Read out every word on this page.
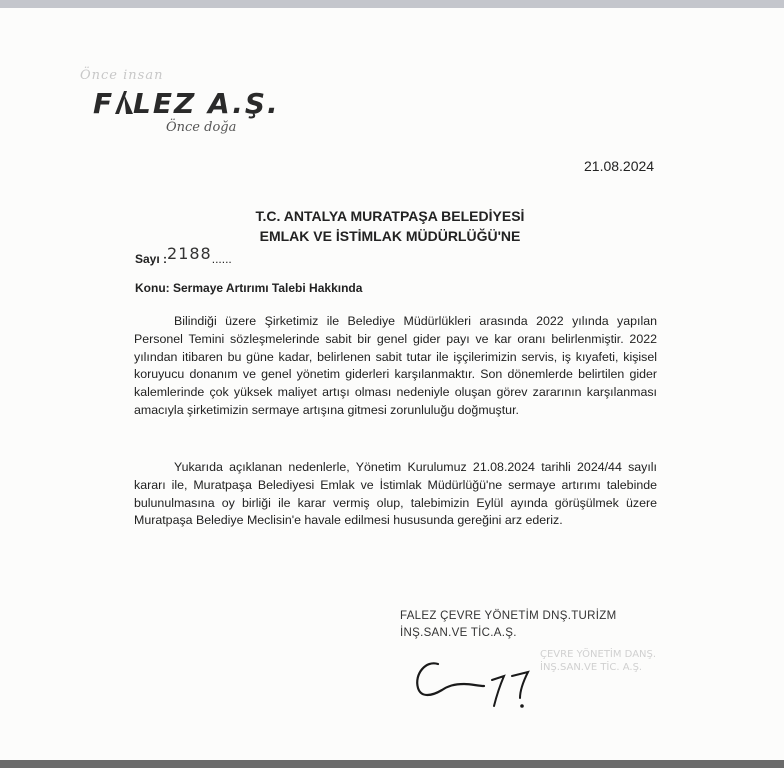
Önce insan
F LEZ A.Ş.
Önce doğa
21.08.2024
T.C. ANTALYA MURATPAŞA BELEDİYESİ
EMLAK VE İSTİMLAK MÜDÜRLÜĞÜ'NE
Sayı :2188......
Konu: Sermaye Artırımı Talebi Hakkında

Bilindiği üzere Şirketimiz ile Belediye Müdürlükleri arasında 2022 yılında yapılan Personel Temini sözleşmelerinde sabit bir genel gider payı ve kar oranı belirlenmiştir. 2022 yılından itibaren bu güne kadar, belirlenen sabit tutar ile işçilerimizin servis, iş kıyafeti, kişisel koruyucu donanım ve genel yönetim giderleri karşılanmaktır. Son dönemlerde belirtilen gider kalemlerinde çok yüksek maliyet artışı olması nedeniyle oluşan görev zararının karşılanması amacıyla şirketimizin sermaye artışına gitmesi zorunluluğu doğmuştur.

Yukarıda açıklanan nedenlerle, Yönetim Kurulumuz 21.08.2024 tarihli 2024/44 sayılı kararı ile, Muratpaşa Belediyesi Emlak ve İstimlak Müdürlüğü'ne sermaye artırımı talebinde bulunulmasına oy birliği ile karar vermiş olup, talebimizin Eylül ayında görüşülmek üzere Muratpaşa Belediye Meclisin'e havale edilmesi hususunda gereğini arz ederiz.

FALEZ ÇEVRE YÖNETİM DNŞ.TURİZM
İNŞ.SAN.VE TİC.A.Ş.
ÇEVRE YÖNETİM DANŞ.
İNŞ.SAN.VE TİC. A.Ş.
